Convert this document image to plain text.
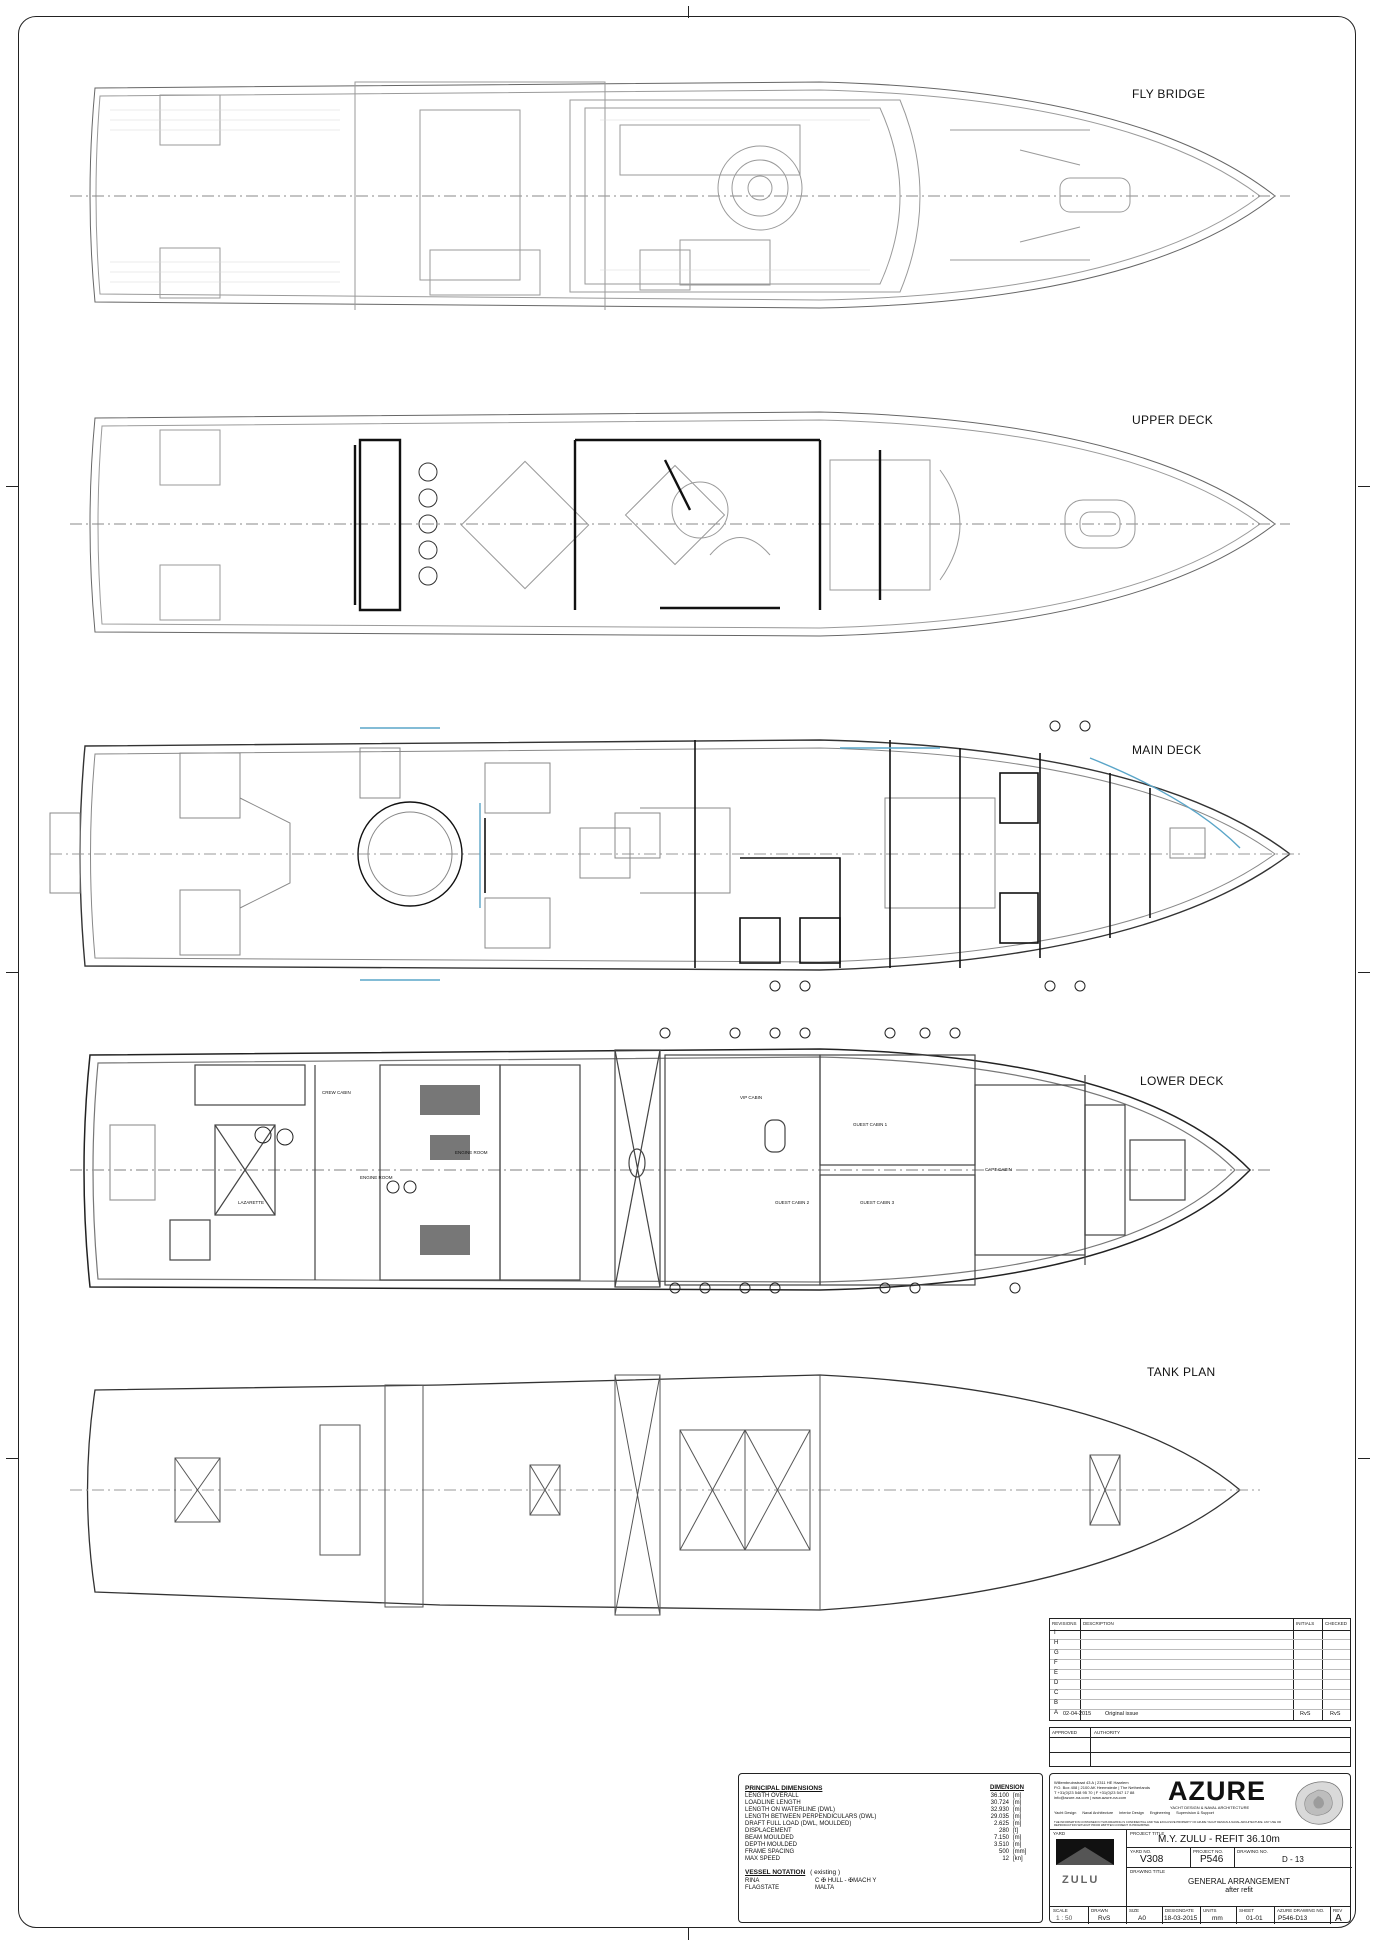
FLY BRIDGE
UPPER DECK
MAIN DECK
LOWER DECK
CREW CABIN
ENGINE ROOM
ENGINE ROOM
LAZARETTE
VIP CABIN
GUEST CABIN 1
GUEST CABIN 2	GUEST CABIN 3
CAPT CABIN
TANK PLAN
REVISIONS DESCRIPTION	INITIALS CHECKED
I
H
G
F
E
D
C
B
A 02-04-2015	Original issue	RvS	RvS
APPROVED	AUTHORITY
PRINCIPAL DIMENSIONS	DIMENSION
LENGTH OVERALL	36.100 [m]
LOADLINE LENGTH	30.724 [m]
LENGTH ON WATERLINE (DWL)	32.930 [m]
LENGTH BETWEEN PERPENDICULARS (DWL)	29.035 [m]
DRAFT FULL LOAD (DWL, MOULDED)	2.625 [m]
DISPLACEMENT	280 [t]
BEAM MOULDED	7.150 [m]
DEPTH MOULDED	3.510 [m]
FRAME SPACING	500 [mm]
MAX SPEED	12 [kn]
VESSEL NOTATION ( existing )
RINA	C ✠ HULL - ✠MACH Y
FLAGSTATE	MALTA
Willembruinstraat 43 A | 2311 HE Haarlem
P.O. Box 408 | 2100 AK Heemstede | The Netherlands
T +31(0)23 548 95 70 | F +31(0)23 547 17 88
info@azure-na.com | www.azure-na.com	AZURE
YACHT DESIGN & NAVAL ARCHITECTURE
Yacht Design Naval Architecture Interior Design Engineering Supervision & Support
THE INFORMATION CONTAINED IN THIS DRAWING IS CONFIDENTIAL AND THE EXCLUSIVE PROPERTY OF AZURE YACHT DESIGN & NAVAL ARCHITECTURE. ANY USE OR REPRODUCTION WITHOUT PRIOR WRITTEN CONSENT IS PROHIBITED.
YARD
ZULU
PROJECT TITLE
M.Y. ZULU - REFIT 36.10m
YARD NO.
V308
PROJECT NO.
P546
DRAWING NO.
D - 13
DRAWING TITLE
GENERAL ARRANGEMENT
after refit
SCALE
1 : 50
DRAWN
RvS
SIZE
A0
DESIGNDATE
18-03-2015
UNITS
mm
SHEET
01-01
AZURE DRAWING NO.
P546-D13
REV
A
